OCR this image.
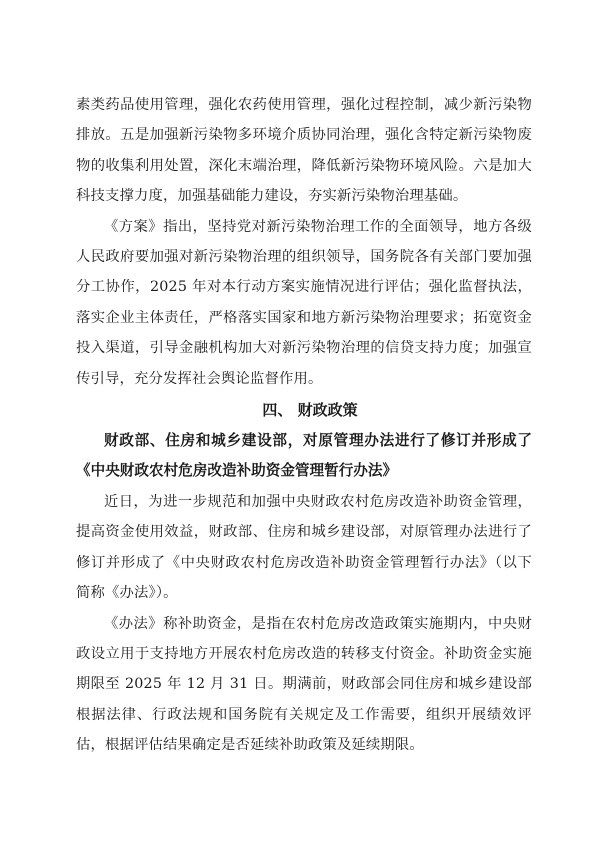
素类药品使用管理，强化农药使用管理，强化过程控制，减少新污染物排放。五是加强新污染物多环境介质协同治理，强化含特定新污染物废物的收集利用处置，深化末端治理，降低新污染物环境风险。六是加大科技支撑力度，加强基础能力建设，夯实新污染物治理基础。

《方案》指出，坚持党对新污染物治理工作的全面领导，地方各级人民政府要加强对新污染物治理的组织领导，国务院各有关部门要加强分工协作，2025 年对本行动方案实施情况进行评估；强化监督执法，落实企业主体责任，严格落实国家和地方新污染物治理要求；拓宽资金投入渠道，引导金融机构加大对新污染物治理的信贷支持力度；加强宣传引导，充分发挥社会舆论监督作用。

四、 财政政策

财政部、住房和城乡建设部，对原管理办法进行了修订并形成了《中央财政农村危房改造补助资金管理暂行办法》

近日，为进一步规范和加强中央财政农村危房改造补助资金管理，提高资金使用效益，财政部、住房和城乡建设部，对原管理办法进行了修订并形成了《中央财政农村危房改造补助资金管理暂行办法》（以下简称《办法》）。

《办法》称补助资金，是指在农村危房改造政策实施期内，中央财政设立用于支持地方开展农村危房改造的转移支付资金。补助资金实施期限至 2025 年 12 月 31 日。期满前，财政部会同住房和城乡建设部根据法律、行政法规和国务院有关规定及工作需要，组织开展绩效评估，根据评估结果确定是否延续补助政策及延续期限。
